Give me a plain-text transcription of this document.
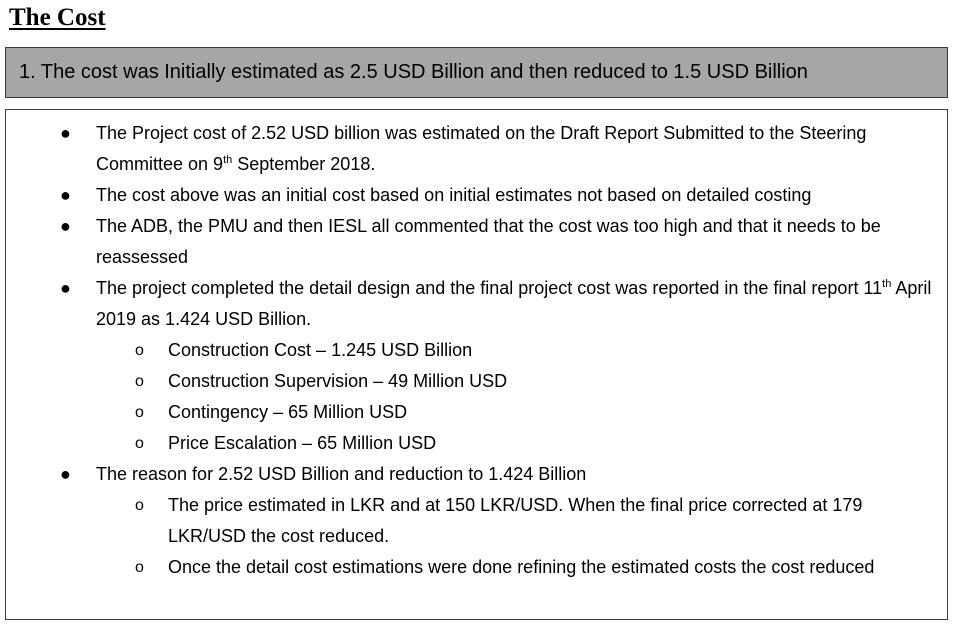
The Cost
1. The cost was Initially estimated as 2.5 USD Billion and then reduced to 1.5 USD Billion
● The Project cost of 2.52 USD billion was estimated on the Draft Report Submitted to the Steering Committee on 9th September 2018.
● The cost above was an initial cost based on initial estimates not based on detailed costing
● The ADB, the PMU and then IESL all commented that the cost was too high and that it needs to be reassessed
● The project completed the detail design and the final project cost was reported in the final report 11th April 2019 as 1.424 USD Billion.
o Construction Cost – 1.245 USD Billion
o Construction Supervision – 49 Million USD
o Contingency – 65 Million USD
o Price Escalation – 65 Million USD
● The reason for 2.52 USD Billion and reduction to 1.424 Billion
o The price estimated in LKR and at 150 LKR/USD. When the final price corrected at 179 LKR/USD the cost reduced.
o Once the detail cost estimations were done refining the estimated costs the cost reduced
